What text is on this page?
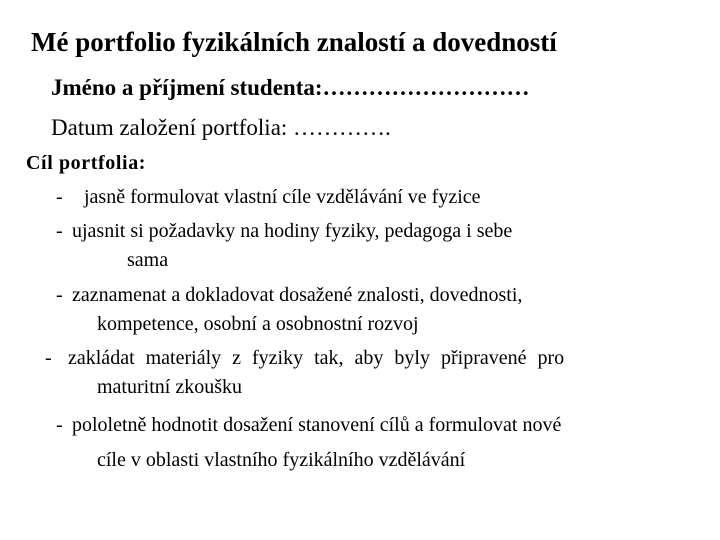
Mé portfolio fyzikálních znalostí a dovedností
Jméno a příjmení studenta:………………………
Datum založení portfolia: ………….
Cíl portfolia:
- jasně formulovat vlastní cíle vzdělávání ve fyzice
- ujasnit si požadavky na hodiny fyziky, pedagoga i sebe
sama
- zaznamenat a dokladovat dosažené znalosti, dovednosti,
kompetence, osobní a osobnostní rozvoj
- zakládat materiály z fyziky tak, aby byly připravené pro
maturitní zkoušku
- pololetně hodnotit dosažení stanovení cílů a formulovat nové
cíle v oblasti vlastního fyzikálního vzdělávání
